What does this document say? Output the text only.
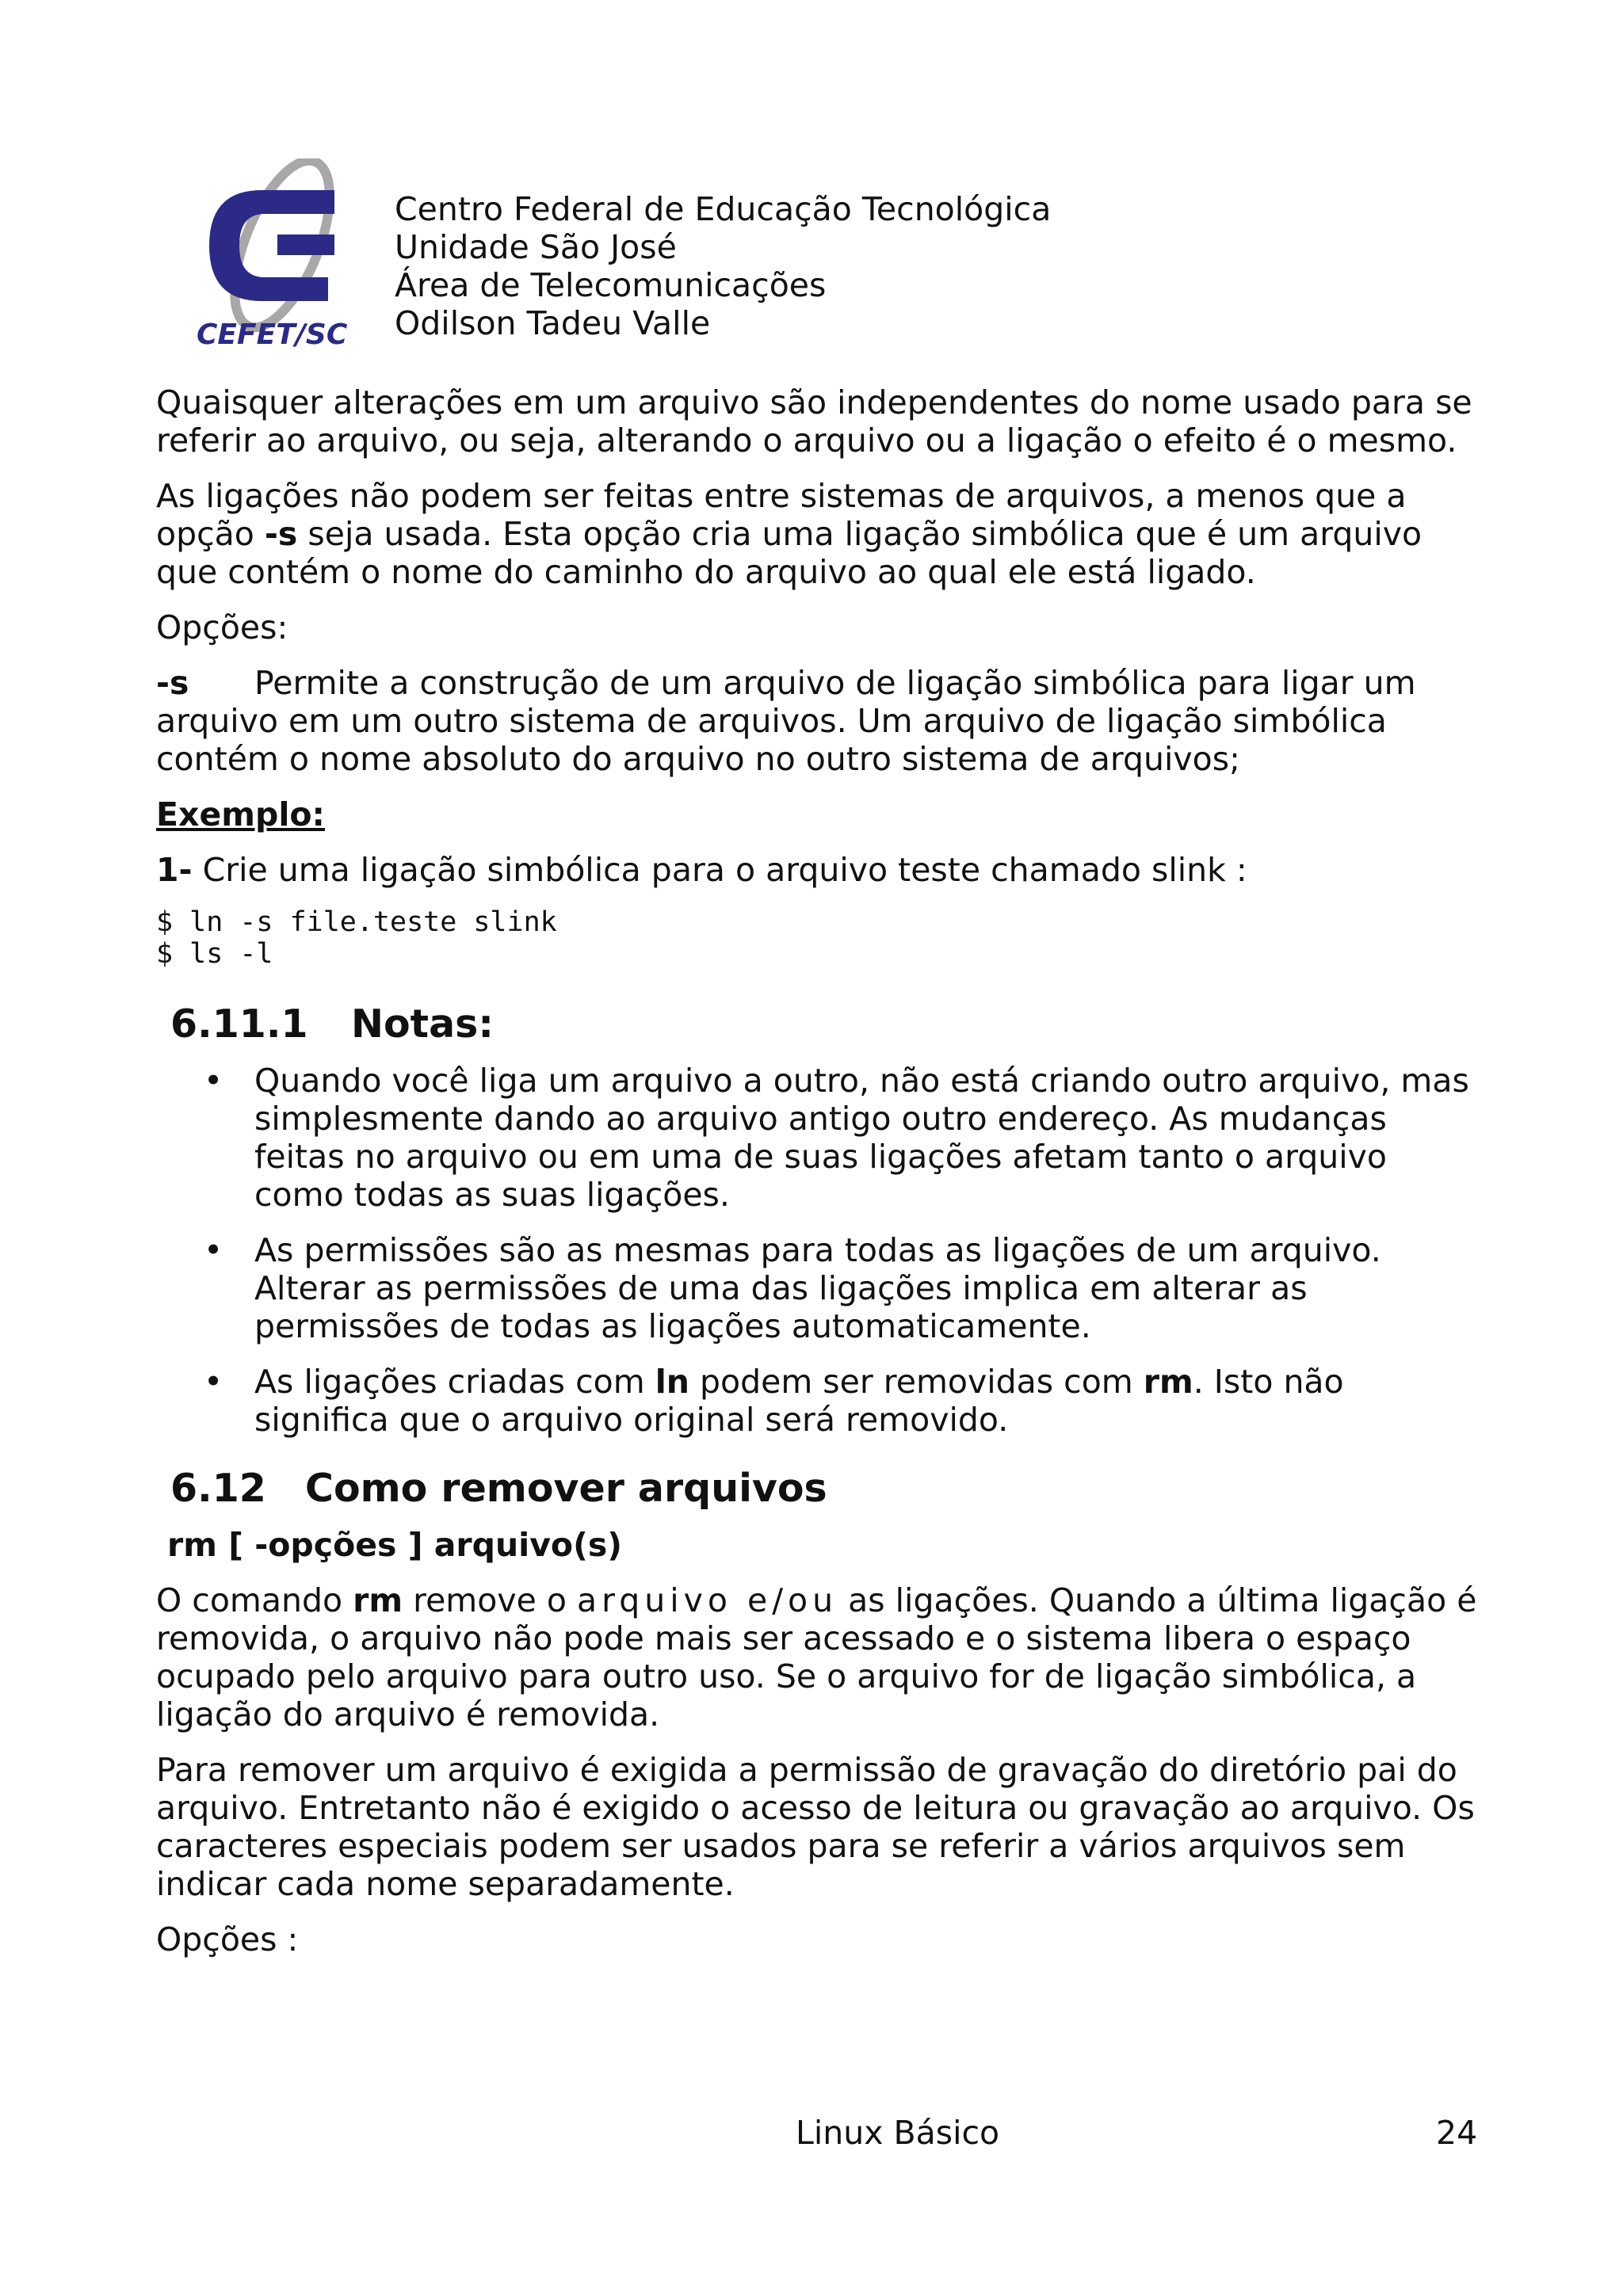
CEFET/SC
Centro Federal de Educação Tecnológica
Unidade São José
Área de Telecomunicações
Odilson Tadeu Valle

Quaisquer alterações em um arquivo são independentes do nome usado para se referir ao arquivo, ou seja, alterando o arquivo ou a ligação o efeito é o mesmo.

As ligações não podem ser feitas entre sistemas de arquivos, a menos que a opção -s seja usada. Esta opção cria uma ligação simbólica que é um arquivo que contém o nome do caminho do arquivo ao qual ele está ligado.

Opções:

-s Permite a construção de um arquivo de ligação simbólica para ligar um arquivo em um outro sistema de arquivos. Um arquivo de ligação simbólica contém o nome absoluto do arquivo no outro sistema de arquivos;

Exemplo:

1- Crie uma ligação simbólica para o arquivo teste chamado slink :

$ ln -s file.teste slink
$ ls -l
6.11.1 Notas:
• Quando você liga um arquivo a outro, não está criando outro arquivo, mas simplesmente dando ao arquivo antigo outro endereço. As mudanças feitas no arquivo ou em uma de suas ligações afetam tanto o arquivo como todas as suas ligações.
• As permissões são as mesmas para todas as ligações de um arquivo. Alterar as permissões de uma das ligações implica em alterar as permissões de todas as ligações automaticamente.
• As ligações criadas com ln podem ser removidas com rm. Isto não significa que o arquivo original será removido.
6.12 Como remover arquivos
rm [ -opções ] arquivo(s)

O comando rm remove o arquivo e/ou as ligações. Quando a última ligação é removida, o arquivo não pode mais ser acessado e o sistema libera o espaço ocupado pelo arquivo para outro uso. Se o arquivo for de ligação simbólica, a ligação do arquivo é removida.

Para remover um arquivo é exigida a permissão de gravação do diretório pai do arquivo. Entretanto não é exigido o acesso de leitura ou gravação ao arquivo. Os caracteres especiais podem ser usados para se referir a vários arquivos sem indicar cada nome separadamente.

Opções :

Linux Básico	24
